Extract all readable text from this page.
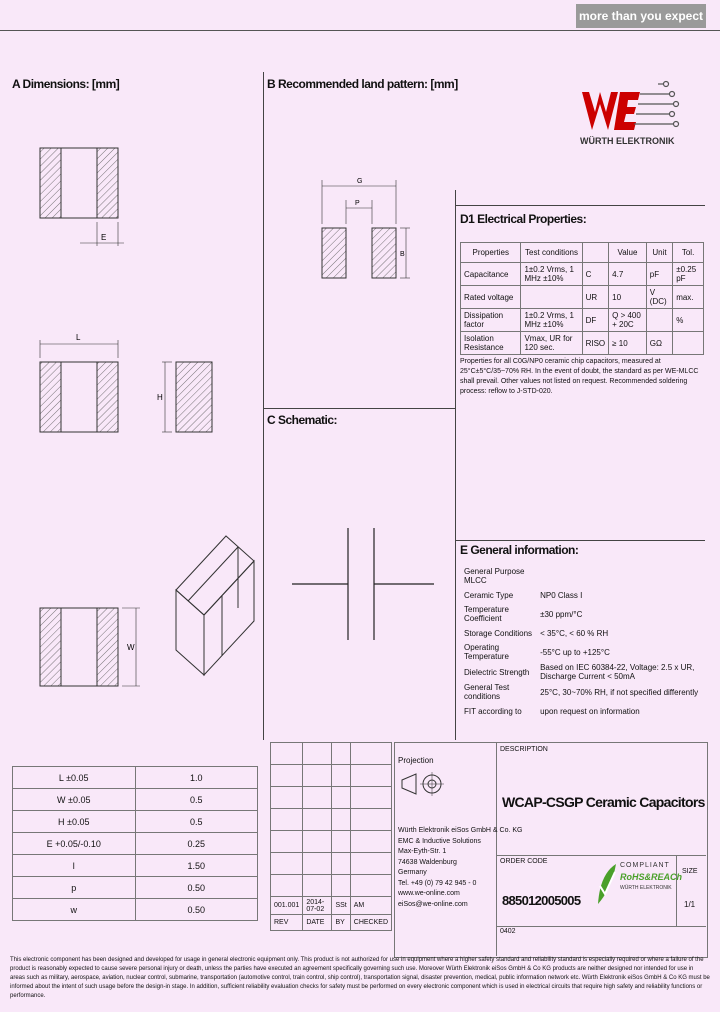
more than you expect
A Dimensions: [mm]	B Recommended land pattern: [mm]
C Schematic:
D1 Electrical Properties:
E General information:
WÜRTH ELEKTRONIK
E
L
H
W
G
P
B	Properties	Test conditions		Value	Unit	Tol.
Capacitance	1±0.2 Vrms, 1 MHz ±10%	C	4.7	pF	±0.25 pF
Rated voltage		UR	10	V (DC)	max.
Dissipation factor	1±0.2 Vrms, 1 MHz ±10%	DF	Q > 400 + 20C		%
Isolation Resistance	Vmax, UR for 120 sec.	RISO	≥ 10	GΩ	
Properties for all C0G/NP0 ceramic chip capacitors, measured at 25°C±5°C/35~70% RH. In the event of doubt, the standard as per WE-MLCC shall prevail. Other values not listed on request. Recommended soldering process: reflow to J-STD-020.
General Purpose MLCC	
Ceramic Type	NP0 Class I
Temperature Coefficient	±30 ppm/°C
Storage Conditions	< 35°C, < 60 % RH
Operating Temperature	-55°C up to +125°C
Dielectric Strength	Based on IEC 60384-22, Voltage: 2.5 x UR, Discharge Current < 50mA
General Test conditions	25°C, 30~70% RH, if not specified differently
FIT according to	upon request on information
L ±0.05	1.0
W ±0.05	0.5
H ±0.05	0.5
E +0.05/-0.10	0.25
l	1.50
p	0.50
w	0.50

				001.001	2014-07-02	SSt	AM
REV	DATE	BY	CHECKED
Projection
DESCRIPTION
WCAP-CSGP Ceramic Capacitors
Würth Elektronik eiSos GmbH & Co. KG
EMC & Inductive Solutions
Max-Eyth-Str. 1
74638 Waldenburg
Germany
Tel. +49 (0) 79 42 945 - 0
www.we-online.com
eiSos@we-online.com
ORDER CODE
885012005005
COMPLIANT
RoHS&REACh
WÜRTH ELEKTRONIK
SIZE
1/1
0402
This electronic component has been designed and developed for usage in general electronic equipment only. This product is not authorized for use in equipment where a higher safety standard and reliability standard is especially required or where a failure of the product is reasonably expected to cause severe personal injury or death, unless the parties have executed an agreement specifically governing such use. Moreover Würth Elektronik eiSos GmbH & Co KG products are neither designed nor intended for use in areas such as military, aerospace, aviation, nuclear control, submarine, transportation (automotive control, train control, ship control), transportation signal, disaster prevention, medical, public information network etc. Würth Elektronik eiSos GmbH & Co KG must be informed about the intent of such usage before the design-in stage. In addition, sufficient reliability evaluation checks for safety must be performed on every electronic component which is used in electrical circuits that require high safety and reliability functions or performance.
